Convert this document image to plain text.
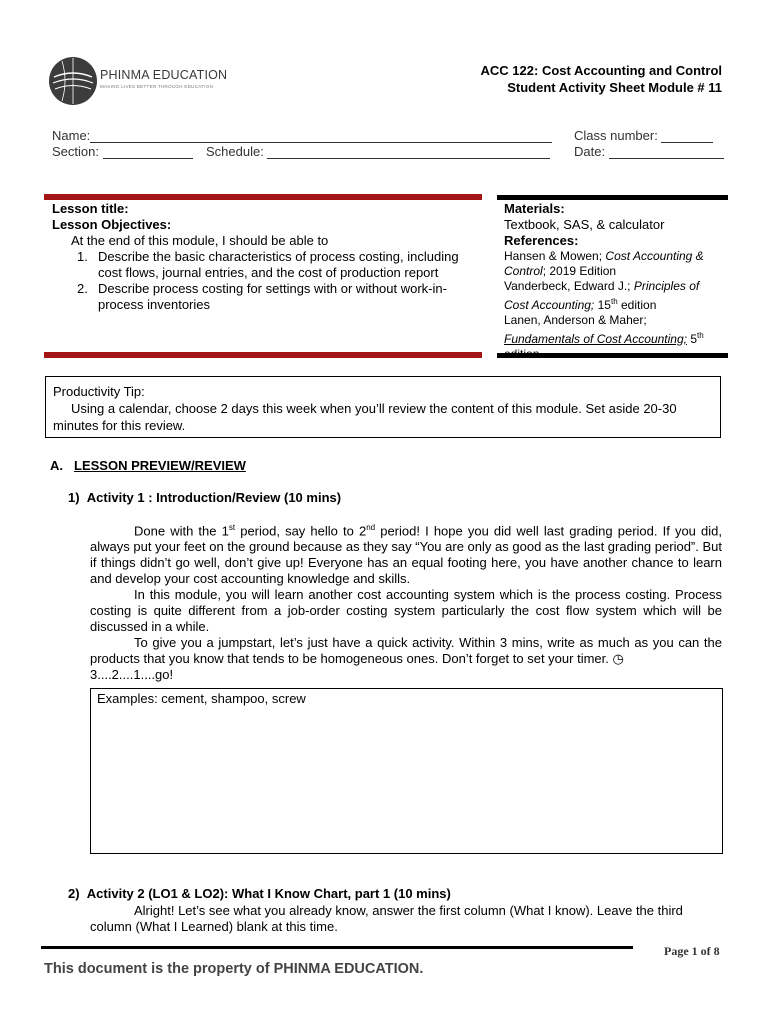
PHINMA EDUCATION
MAKING LIVES BETTER THROUGH EDUCATION
ACC 122: Cost Accounting and Control
Student Activity Sheet Module # 11
Name:	Class number:
Section:	Schedule:	Date:
Lesson title:
Lesson Objectives:
At the end of this module, I should be able to
1. Describe the basic characteristics of process costing, including cost flows, journal entries, and the cost of production report
2. Describe process costing for settings with or without work-in-process inventories
Materials:
Textbook, SAS, & calculator
References:
Hansen & Mowen; Cost Accounting & Control; 2019 Edition
Vanderbeck, Edward J.; Principles of Cost Accounting; 15th edition
Lanen, Anderson & Maher;
Fundamentals of Cost Accounting; 5th
edition
Productivity Tip:
Using a calendar, choose 2 days this week when you’ll review the content of this module. Set aside 20-30 minutes for this review.
A. LESSON PREVIEW/REVIEW
1) Activity 1 : Introduction/Review (10 mins)

Done with the 1st period, say hello to 2nd period! I hope you did well last grading period. If you did, always put your feet on the ground because as they say “You are only as good as the last grading period”. But if things didn’t go well, don’t give up! Everyone has an equal footing here, you have another chance to learn and develop your cost accounting knowledge and skills.

In this module, you will learn another cost accounting system which is the process costing. Process costing is quite different from a job-order costing system particularly the cost flow system which will be discussed in a while.

To give you a jumpstart, let’s just have a quick activity. Within 3 mins, write as much as you can the products that you know that tends to be homogeneous ones. Don’t forget to set your timer. ◷

3....2....1....go!
Examples: cement, shampoo, screw
2) Activity 2 (LO1 & LO2): What I Know Chart, part 1 (10 mins)
Alright! Let’s see what you already know, answer the first column (What I know). Leave the third column (What I Learned) blank at this time.
Page 1 of 8
This document is the property of PHINMA EDUCATION.
